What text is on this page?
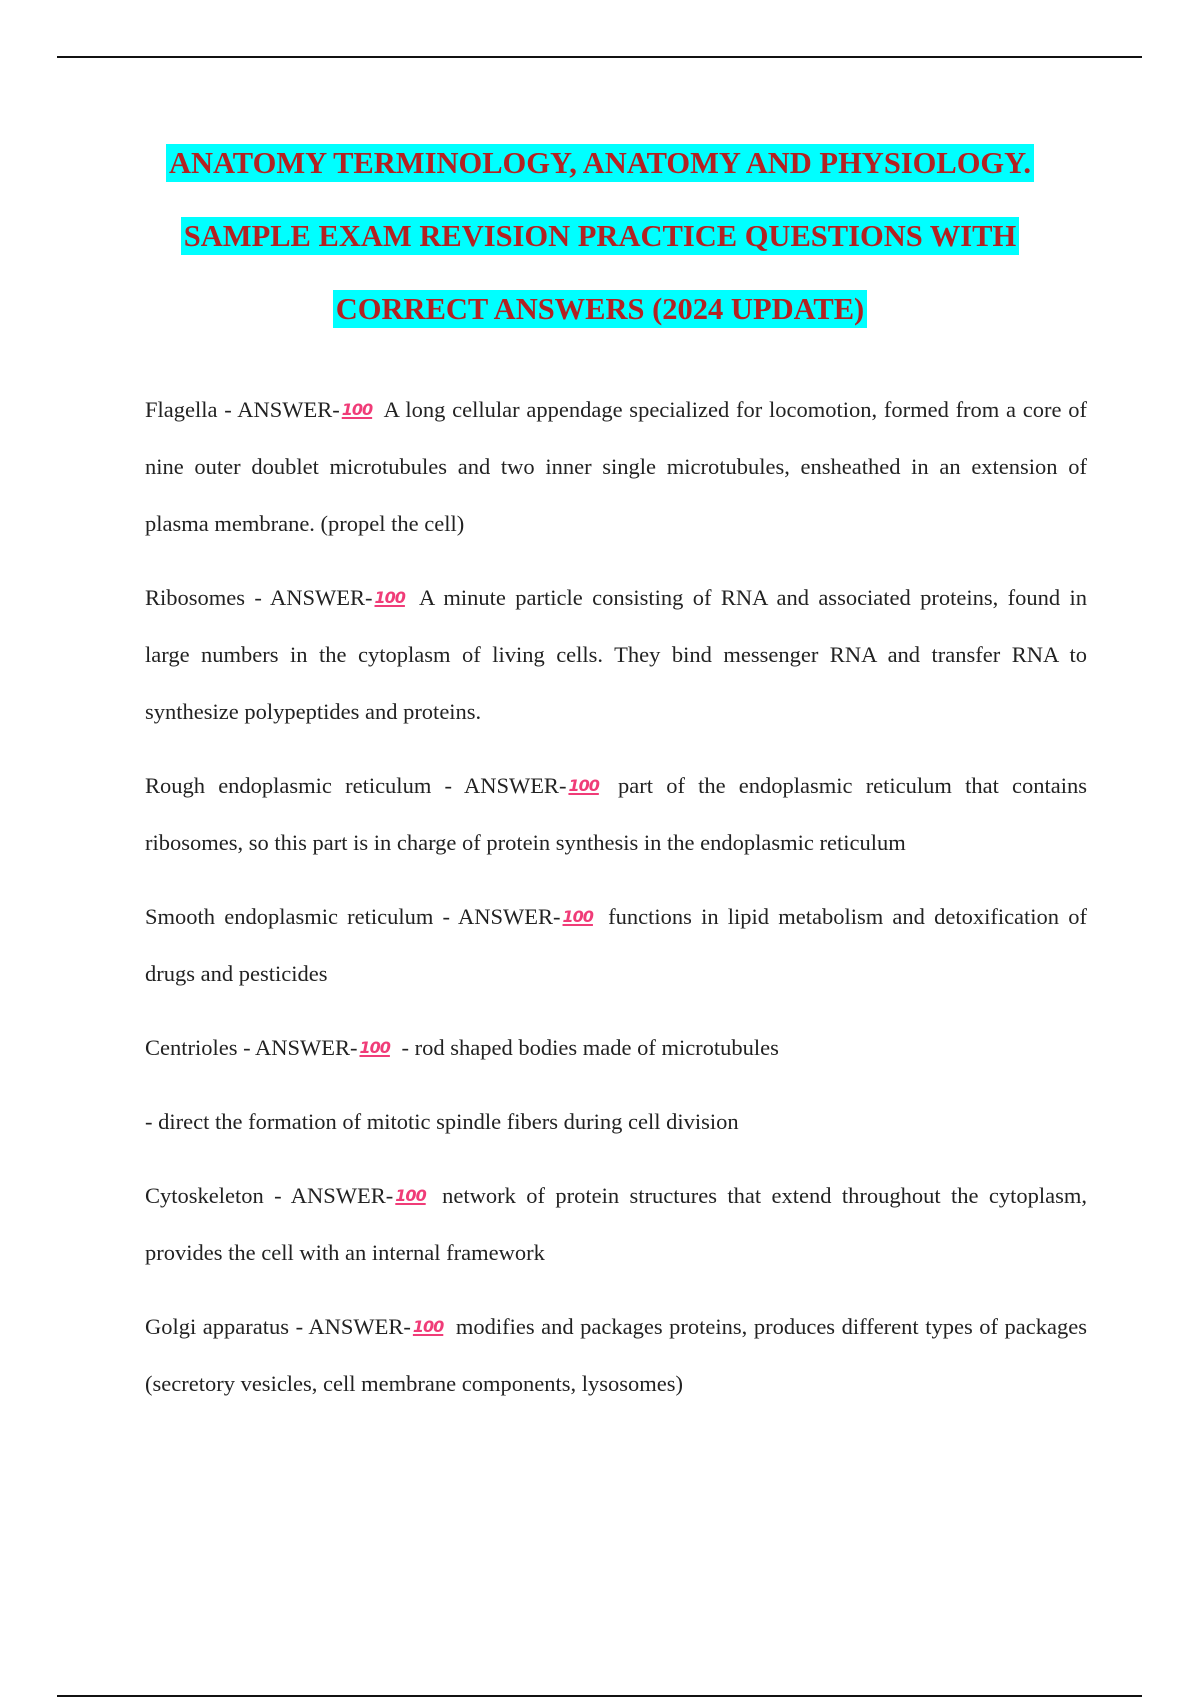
ANATOMY TERMINOLOGY, ANATOMY AND PHYSIOLOGY.
SAMPLE EXAM REVISION PRACTICE QUESTIONS WITH
CORRECT ANSWERS (2024 UPDATE)

Flagella - ANSWER- 100 A long cellular appendage specialized for locomotion, formed from a core of nine outer doublet microtubules and two inner single microtubules, ensheathed in an extension of plasma membrane. (propel the cell)

Ribosomes - ANSWER- 100 A minute particle consisting of RNA and associated proteins, found in large numbers in the cytoplasm of living cells. They bind messenger RNA and transfer RNA to synthesize polypeptides and proteins.

Rough endoplasmic reticulum - ANSWER- 100 part of the endoplasmic reticulum that contains ribosomes, so this part is in charge of protein synthesis in the endoplasmic reticulum

Smooth endoplasmic reticulum - ANSWER- 100 functions in lipid metabolism and detoxification of drugs and pesticides

Centrioles - ANSWER- 100 - rod shaped bodies made of microtubules

- direct the formation of mitotic spindle fibers during cell division

Cytoskeleton - ANSWER- 100 network of protein structures that extend throughout the cytoplasm, provides the cell with an internal framework

Golgi apparatus - ANSWER- 100 modifies and packages proteins, produces different types of packages (secretory vesicles, cell membrane components, lysosomes)
